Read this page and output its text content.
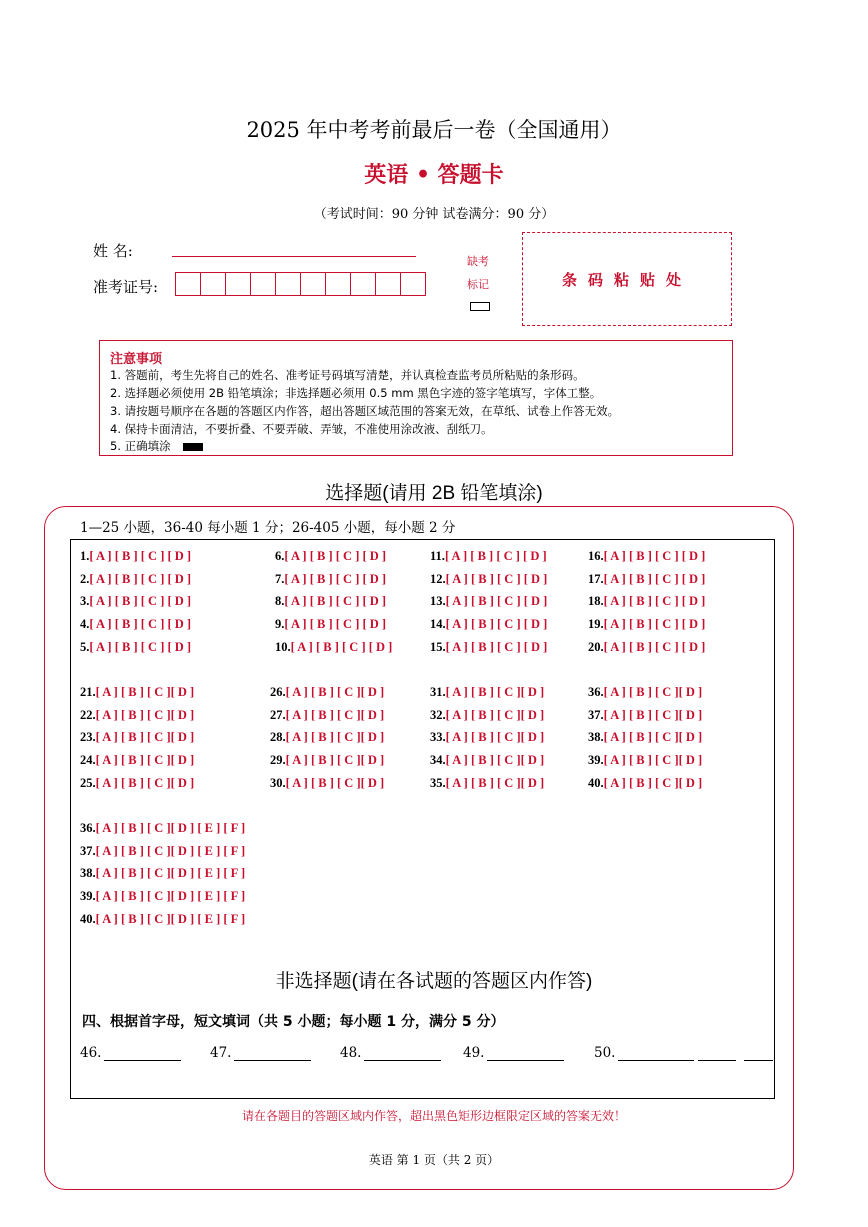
2025 年中考考前最后一卷（全国通用）
英语 • 答题卡
（考试时间：90 分钟 试卷满分：90 分）
姓 名:
准考证号:
缺考
标记	条码粘贴处
注意事项
1. 答题前，考生先将自己的姓名、准考证号码填写清楚，并认真检查监考员所粘贴的条形码。
2. 选择题必须使用 2B 铅笔填涂；非选择题必须用 0.5 mm 黑色字迹的签字笔填写，字体工整。
3. 请按题号顺序在各题的答题区内作答，超出答题区域范围的答案无效，在草纸、试卷上作答无效。
4. 保持卡面清洁，不要折叠、不要弄破、弄皱，不准使用涂改液、刮纸刀。
5. 正确填涂
选择题(请用 2B 铅笔填涂)
1—25 小题，36-40 每小题 1 分；26-405 小题，每小题 2 分
1.[ A ] [ B ] [ C ] [ D ]	6.[ A ] [ B ] [ C ] [ D ]	11.[ A ] [ B ] [ C ] [ D ]	16.[ A ] [ B ] [ C ] [ D ]
2.[ A ] [ B ] [ C ] [ D ]	7.[ A ] [ B ] [ C ] [ D ]	12.[ A ] [ B ] [ C ] [ D ]	17.[ A ] [ B ] [ C ] [ D ]
3.[ A ] [ B ] [ C ] [ D ]	8.[ A ] [ B ] [ C ] [ D ]	13.[ A ] [ B ] [ C ] [ D ]	18.[ A ] [ B ] [ C ] [ D ]
4.[ A ] [ B ] [ C ] [ D ]	9.[ A ] [ B ] [ C ] [ D ]	14.[ A ] [ B ] [ C ] [ D ]	19.[ A ] [ B ] [ C ] [ D ]
5.[ A ] [ B ] [ C ] [ D ]	10.[ A ] [ B ] [ C ] [ D ]	15.[ A ] [ B ] [ C ] [ D ]	20.[ A ] [ B ] [ C ] [ D ]
21.[ A ] [ B ] [ C ][ D ]	26.[ A ] [ B ] [ C ][ D ]	31.[ A ] [ B ] [ C ][ D ]	36.[ A ] [ B ] [ C ][ D ]
22.[ A ] [ B ] [ C ][ D ]	27.[ A ] [ B ] [ C ][ D ]	32.[ A ] [ B ] [ C ][ D ]	37.[ A ] [ B ] [ C ][ D ]
23.[ A ] [ B ] [ C ][ D ]	28.[ A ] [ B ] [ C ][ D ]	33.[ A ] [ B ] [ C ][ D ]	38.[ A ] [ B ] [ C ][ D ]
24.[ A ] [ B ] [ C ][ D ]	29.[ A ] [ B ] [ C ][ D ]	34.[ A ] [ B ] [ C ][ D ]	39.[ A ] [ B ] [ C ][ D ]
25.[ A ] [ B ] [ C ][ D ]	30.[ A ] [ B ] [ C ][ D ]	35.[ A ] [ B ] [ C ][ D ]	40.[ A ] [ B ] [ C ][ D ]
36.[ A ] [ B ] [ C ][ D ] [ E ] [ F ]
37.[ A ] [ B ] [ C ][ D ] [ E ] [ F ]
38.[ A ] [ B ] [ C ][ D ] [ E ] [ F ]
39.[ A ] [ B ] [ C ][ D ] [ E ] [ F ]
40.[ A ] [ B ] [ C ][ D ] [ E ] [ F ]
非选择题(请在各试题的答题区内作答)
四、根据首字母，短文填词（共 5 小题；每小题 1 分，满分 5 分）
46.	47.	48.	49.	50.
请在各题目的答题区域内作答，超出黑色矩形边框限定区域的答案无效！
英语 第 1 页（共 2 页）
